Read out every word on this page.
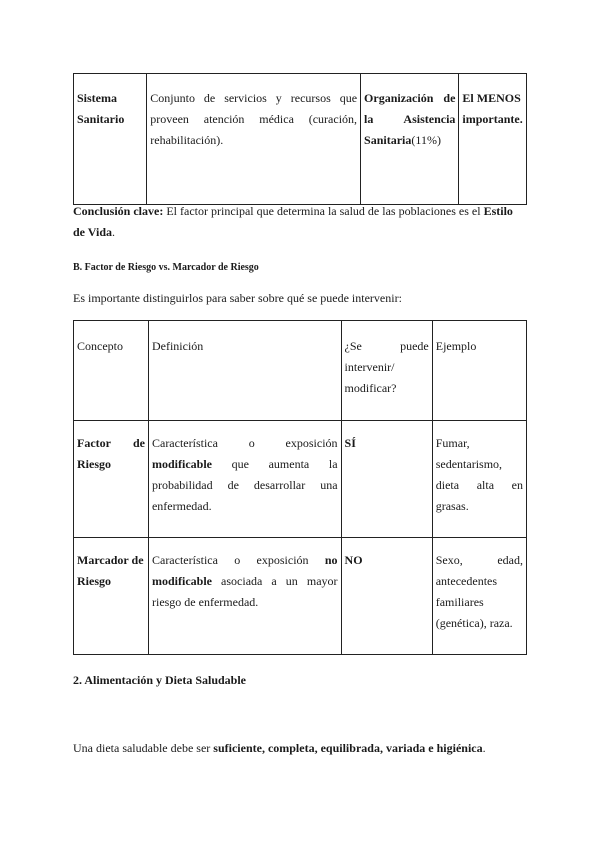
Sistema Sanitario	Conjunto de servicios y recursos que proveen atención médica (curación, rehabilitación).	Organización de la Asistencia Sanitaria(11%)	El MENOS importante.

Conclusión clave: El factor principal que determina la salud de las poblaciones es el Estilo de Vida.

B. Factor de Riesgo vs. Marcador de Riesgo

Es importante distinguirlos para saber sobre qué se puede intervenir:

Concepto	Definición	¿Se puede intervenir/ modificar?	Ejemplo
Factor de Riesgo	Característica o exposición modificable que aumenta la probabilidad de desarrollar una enfermedad.	SÍ	Fumar, sedentarismo, dieta alta en grasas.
Marcador de Riesgo	Característica o exposición no modificable asociada a un mayor riesgo de enfermedad.	NO	Sexo, edad, antecedentes familiares (genética), raza.

2. Alimentación y Dieta Saludable

Una dieta saludable debe ser suficiente, completa, equilibrada, variada e higiénica.
